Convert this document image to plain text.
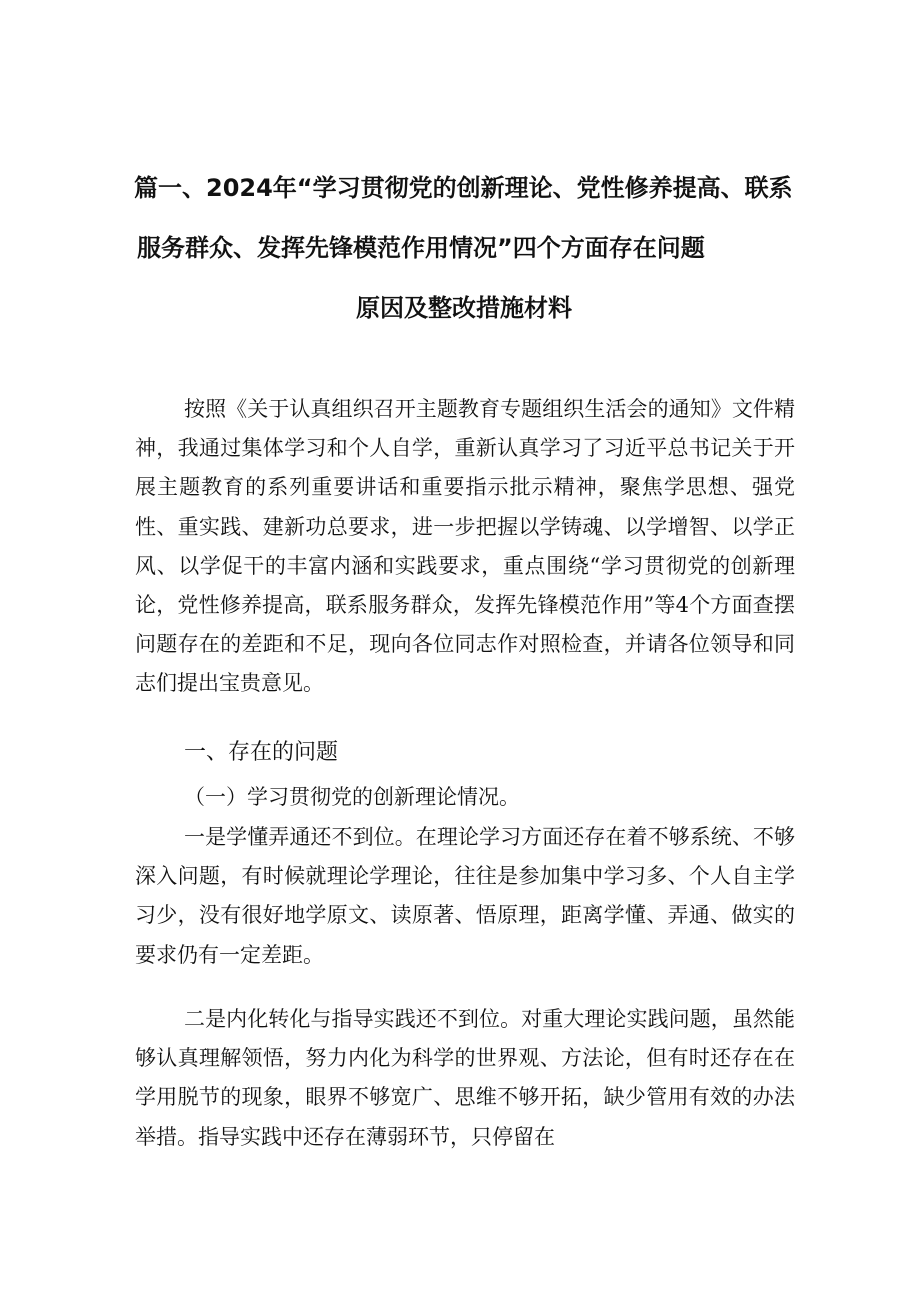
篇一、2024年“学习贯彻党的创新理论、党性修养提高、联系
服务群众、发挥先锋模范作用情况”四个方面存在问题
原因及整改措施材料
按照《关于认真组织召开主题教育专题组织生活会的通知》文件精神，我通过集体学习和个人自学，重新认真学习了习近平总书记关于开展主题教育的系列重要讲话和重要指示批示精神，聚焦学思想、强党性、重实践、建新功总要求，进一步把握以学铸魂、以学增智、以学正风、以学促干的丰富内涵和实践要求，重点围绕“学习贯彻党的创新理论，党性修养提高，联系服务群众，发挥先锋模范作用”等4个方面查摆问题存在的差距和不足，现向各位同志作对照检查，并请各位领导和同志们提出宝贵意见。
一、存在的问题
（一）学习贯彻党的创新理论情况。
一是学懂弄通还不到位。在理论学习方面还存在着不够系统、不够深入问题，有时候就理论学理论，往往是参加集中学习多、个人自主学习少，没有很好地学原文、读原著、悟原理，距离学懂、弄通、做实的要求仍有一定差距。
二是内化转化与指导实践还不到位。对重大理论实践问题，虽然能够认真理解领悟，努力内化为科学的世界观、方法论，但有时还存在在学用脱节的现象，眼界不够宽广、思维不够开拓，缺少管用有效的办法举措。指导实践中还存在薄弱环节，只停留在
